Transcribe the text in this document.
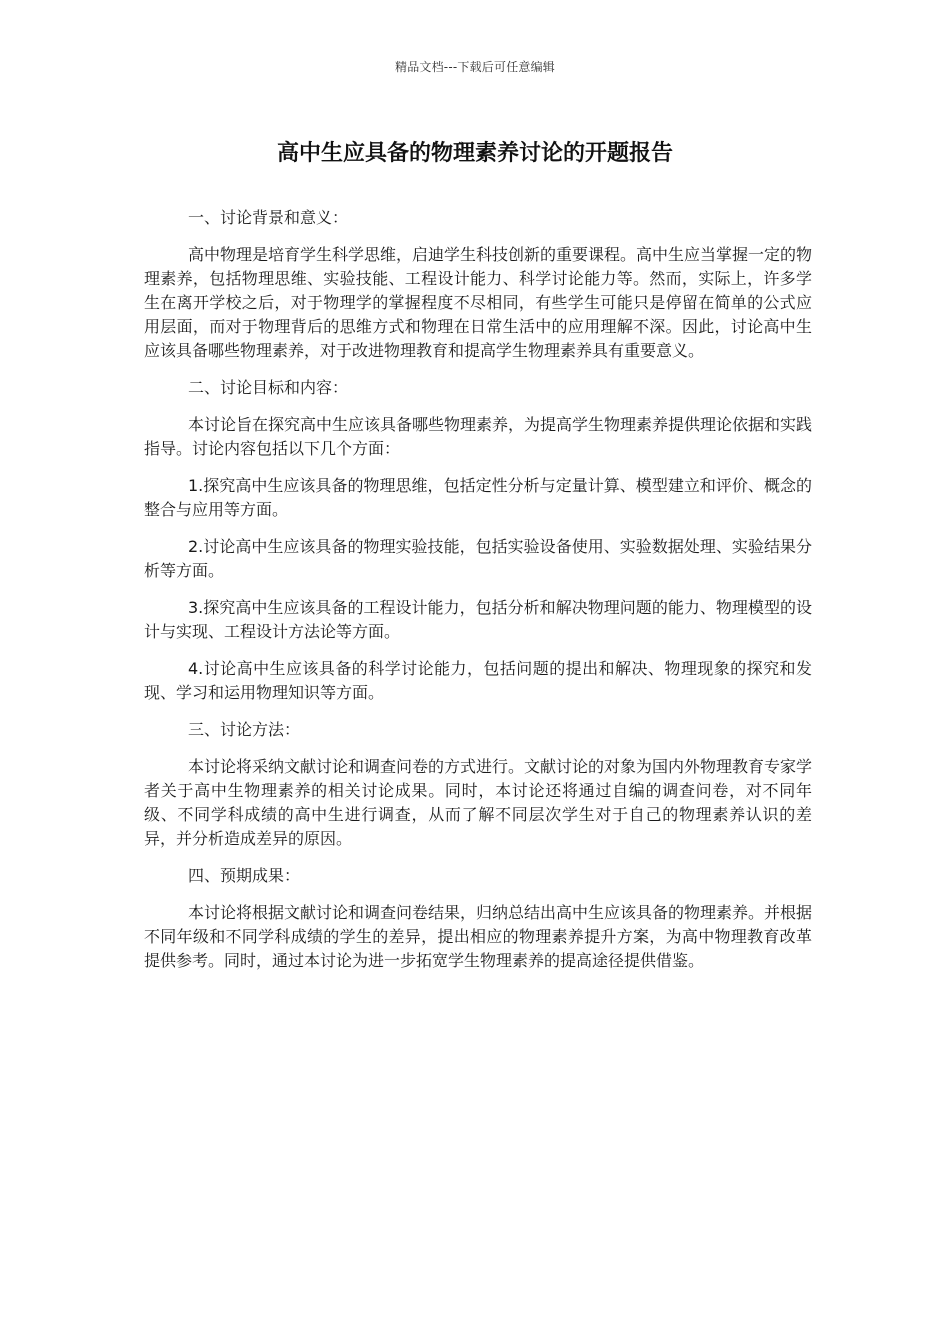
精品文档---下载后可任意编辑
高中生应具备的物理素养讨论的开题报告

一、讨论背景和意义：

高中物理是培育学生科学思维，启迪学生科技创新的重要课程。高中生应当掌握一定的物理素养，包括物理思维、实验技能、工程设计能力、科学讨论能力等。然而，实际上，许多学生在离开学校之后，对于物理学的掌握程度不尽相同，有些学生可能只是停留在简单的公式应用层面，而对于物理背后的思维方式和物理在日常生活中的应用理解不深。因此，讨论高中生应该具备哪些物理素养，对于改进物理教育和提高学生物理素养具有重要意义。

二、讨论目标和内容：

本讨论旨在探究高中生应该具备哪些物理素养，为提高学生物理素养提供理论依据和实践指导。讨论内容包括以下几个方面：

1.探究高中生应该具备的物理思维，包括定性分析与定量计算、模型建立和评价、概念的整合与应用等方面。

2.讨论高中生应该具备的物理实验技能，包括实验设备使用、实验数据处理、实验结果分析等方面。

3.探究高中生应该具备的工程设计能力，包括分析和解决物理问题的能力、物理模型的设计与实现、工程设计方法论等方面。

4.讨论高中生应该具备的科学讨论能力，包括问题的提出和解决、物理现象的探究和发现、学习和运用物理知识等方面。

三、讨论方法：

本讨论将采纳文献讨论和调查问卷的方式进行。文献讨论的对象为国内外物理教育专家学者关于高中生物理素养的相关讨论成果。同时，本讨论还将通过自编的调查问卷，对不同年级、不同学科成绩的高中生进行调查，从而了解不同层次学生对于自己的物理素养认识的差异，并分析造成差异的原因。

四、预期成果：

本讨论将根据文献讨论和调查问卷结果，归纳总结出高中生应该具备的物理素养。并根据不同年级和不同学科成绩的学生的差异，提出相应的物理素养提升方案，为高中物理教育改革提供参考。同时，通过本讨论为进一步拓宽学生物理素养的提高途径提供借鉴。
